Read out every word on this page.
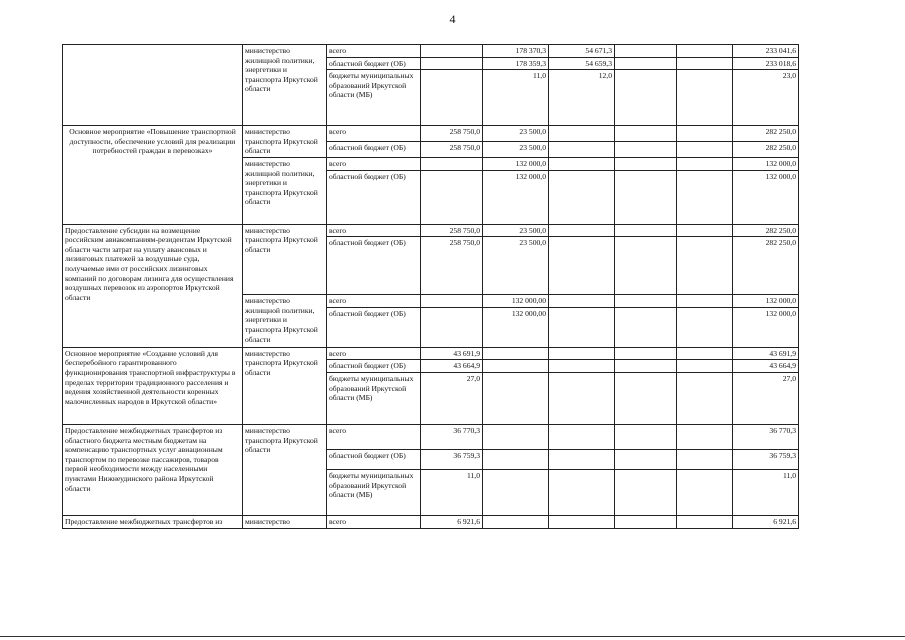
4
	министерство жилищной политики, энергетики и транспорта Иркутской области	всего		178 370,3	54 671,3			233 041,6
		областной бюджет (ОБ)		178 359,3	54 659,3			233 018,6
		бюджеты муниципальных образований Иркутской области (МБ)		11,0	12,0			23,0
Основное мероприятие «Повышение транспортной доступности, обеспечение условий для реализации потребностей граждан в перевозках»	министерство транспорта Иркутской области	всего	258 750,0	23 500,0				282 250,0
		областной бюджет (ОБ)	258 750,0	23 500,0				282 250,0
	министерство жилищной политики, энергетики и транспорта Иркутской области	всего		132 000,0				132 000,0
		областной бюджет (ОБ)		132 000,0				132 000,0
Предоставление субсидии на возмещение российским авиакомпаниям-резидентам Иркутской области части затрат на уплату авансовых и лизинговых платежей за воздушные суда, получаемые ими от российских лизинговых компаний по договорам лизинга для осуществления воздушных перевозок из аэропортов Иркутской области	министерство транспорта Иркутской области	всего	258 750,0	23 500,0				282 250,0
		областной бюджет (ОБ)	258 750,0	23 500,0				282 250,0
	министерство жилищной политики, энергетики и транспорта Иркутской области	всего		132 000,00				132 000,0
		областной бюджет (ОБ)		132 000,00				132 000,0
Основное мероприятие «Создание условий для бесперебойного гарантированного функционирования транспортной инфраструктуры в пределах территории традиционного расселения и ведения хозяйственной деятельности коренных малочисленных народов в Иркутской области»	министерство транспорта Иркутской области	всего	43 691,9					43 691,9
		областной бюджет (ОБ)	43 664,9					43 664,9
		бюджеты муниципальных образований Иркутской области (МБ)	27,0					27,0
Предоставление межбюджетных трансфертов из областного бюджета местным бюджетам на компенсацию транспортных услуг авиационным транспортом по перевозке пассажиров, товаров первой необходимости между населенными пунктами Нижнеудинского района Иркутской области	министерство транспорта Иркутской области	всего	36 770,3					36 770,3
		областной бюджет (ОБ)	36 759,3					36 759,3
		бюджеты муниципальных образований Иркутской области (МБ)	11,0					11,0
Предоставление межбюджетных трансфертов из	министерство	всего	6 921,6					6 921,6
